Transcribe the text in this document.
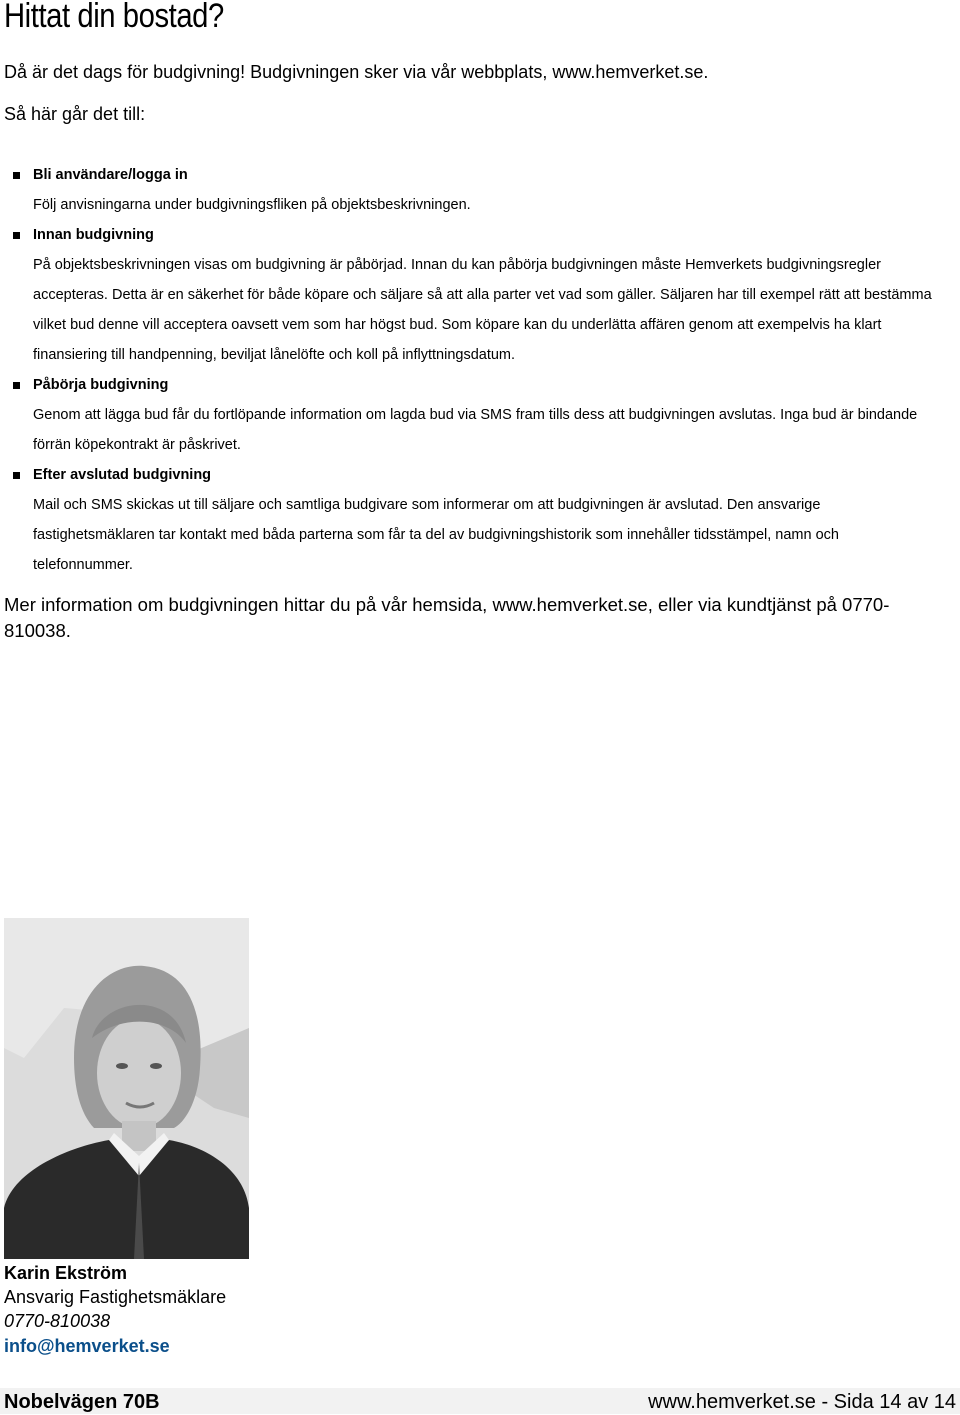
Hittat din bostad?
Då är det dags för budgivning! Budgivningen sker via vår webbplats, www.hemverket.se.
Så här går det till:
Bli användare/logga in
Följ anvisningarna under budgivningsfliken på objektsbeskrivningen.
Innan budgivning
På objektsbeskrivningen visas om budgivning är påbörjad. Innan du kan påbörja budgivningen måste Hemverkets budgivningsregler
accepteras. Detta är en säkerhet för både köpare och säljare så att alla parter vet vad som gäller. Säljaren har till exempel rätt att bestämma
vilket bud denne vill acceptera oavsett vem som har högst bud. Som köpare kan du underlätta affären genom att exempelvis ha klart
finansiering till handpenning, beviljat lånelöfte och koll på inflyttningsdatum.
Påbörja budgivning
Genom att lägga bud får du fortlöpande information om lagda bud via SMS fram tills dess att budgivningen avslutas. Inga bud är bindande
förrän köpekontrakt är påskrivet.
Efter avslutad budgivning
Mail och SMS skickas ut till säljare och samtliga budgivare som informerar om att budgivningen är avslutad. Den ansvarige
fastighetsmäklaren tar kontakt med båda parterna som får ta del av budgivningshistorik som innehåller tidsstämpel, namn och
telefonnummer.
Mer information om budgivningen hittar du på vår hemsida, www.hemverket.se, eller via kundtjänst på 0770-810038.
Karin Ekström
Ansvarig Fastighetsmäklare
0770-810038
info@hemverket.se
Nobelvägen 70B	www.hemverket.se - Sida 14 av 14
